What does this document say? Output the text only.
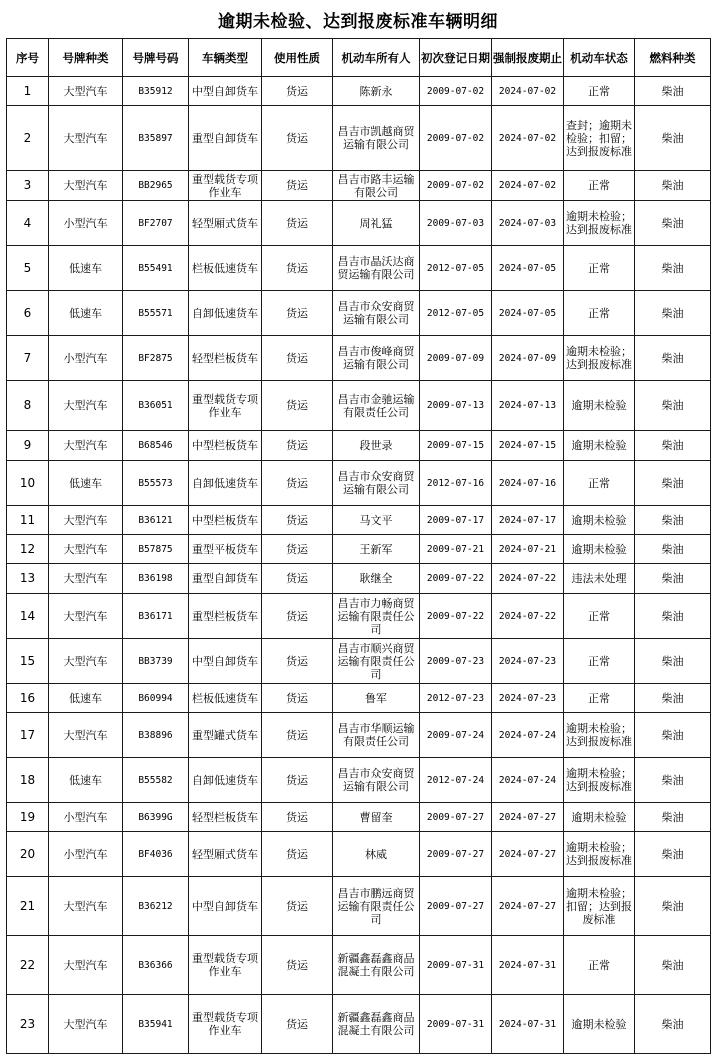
逾期未检验、达到报废标准车辆明细
序号	号牌种类	号牌号码	车辆类型	使用性质	机动车所有人	初次登记日期	强制报废期止	机动车状态	燃料种类
1	大型汽车	B35912	中型自卸货车	货运	陈新永	2009-07-02	2024-07-02	正常	柴油
2	大型汽车	B35897	重型自卸货车	货运	昌吉市凯越商贸运输有限公司	2009-07-02	2024-07-02	查封；逾期未检验；扣留；达到报废标准	柴油
3	大型汽车	BB2965	重型载货专项作业车	货运	昌吉市路丰运输有限公司	2009-07-02	2024-07-02	正常	柴油
4	小型汽车	BF2707	轻型厢式货车	货运	周礼猛	2009-07-03	2024-07-03	逾期未检验；达到报废标准	柴油
5	低速车	B55491	栏板低速货车	货运	昌吉市晶沃达商贸运输有限公司	2012-07-05	2024-07-05	正常	柴油
6	低速车	B55571	自卸低速货车	货运	昌吉市众安商贸运输有限公司	2012-07-05	2024-07-05	正常	柴油
7	小型汽车	BF2875	轻型栏板货车	货运	昌吉市俊峰商贸运输有限公司	2009-07-09	2024-07-09	逾期未检验；达到报废标准	柴油
8	大型汽车	B36051	重型载货专项作业车	货运	昌吉市金驰运输有限责任公司	2009-07-13	2024-07-13	逾期未检验	柴油
9	大型汽车	B68546	中型栏板货车	货运	段世录	2009-07-15	2024-07-15	逾期未检验	柴油
10	低速车	B55573	自卸低速货车	货运	昌吉市众安商贸运输有限公司	2012-07-16	2024-07-16	正常	柴油
11	大型汽车	B36121	中型栏板货车	货运	马文平	2009-07-17	2024-07-17	逾期未检验	柴油
12	大型汽车	B57875	重型平板货车	货运	王新军	2009-07-21	2024-07-21	逾期未检验	柴油
13	大型汽车	B36198	重型自卸货车	货运	耿继全	2009-07-22	2024-07-22	违法未处理	柴油
14	大型汽车	B36171	重型栏板货车	货运	昌吉市力畅商贸运输有限责任公司	2009-07-22	2024-07-22	正常	柴油
15	大型汽车	BB3739	中型自卸货车	货运	昌吉市顺兴商贸运输有限责任公司	2009-07-23	2024-07-23	正常	柴油
16	低速车	B60994	栏板低速货车	货运	鲁军	2012-07-23	2024-07-23	正常	柴油
17	大型汽车	B38896	重型罐式货车	货运	昌吉市华顺运输有限责任公司	2009-07-24	2024-07-24	逾期未检验；达到报废标准	柴油
18	低速车	B55582	自卸低速货车	货运	昌吉市众安商贸运输有限公司	2012-07-24	2024-07-24	逾期未检验；达到报废标准	柴油
19	小型汽车	B6399G	轻型栏板货车	货运	曹留奎	2009-07-27	2024-07-27	逾期未检验	柴油
20	小型汽车	BF4036	轻型厢式货车	货运	林威	2009-07-27	2024-07-27	逾期未检验；达到报废标准	柴油
21	大型汽车	B36212	中型自卸货车	货运	昌吉市鹏远商贸运输有限责任公司	2009-07-27	2024-07-27	逾期未检验；扣留；达到报废标准	柴油
22	大型汽车	B36366	重型载货专项作业车	货运	新疆鑫磊鑫商品混凝土有限公司	2009-07-31	2024-07-31	正常	柴油
23	大型汽车	B35941	重型载货专项作业车	货运	新疆鑫磊鑫商品混凝土有限公司	2009-07-31	2024-07-31	逾期未检验	柴油
